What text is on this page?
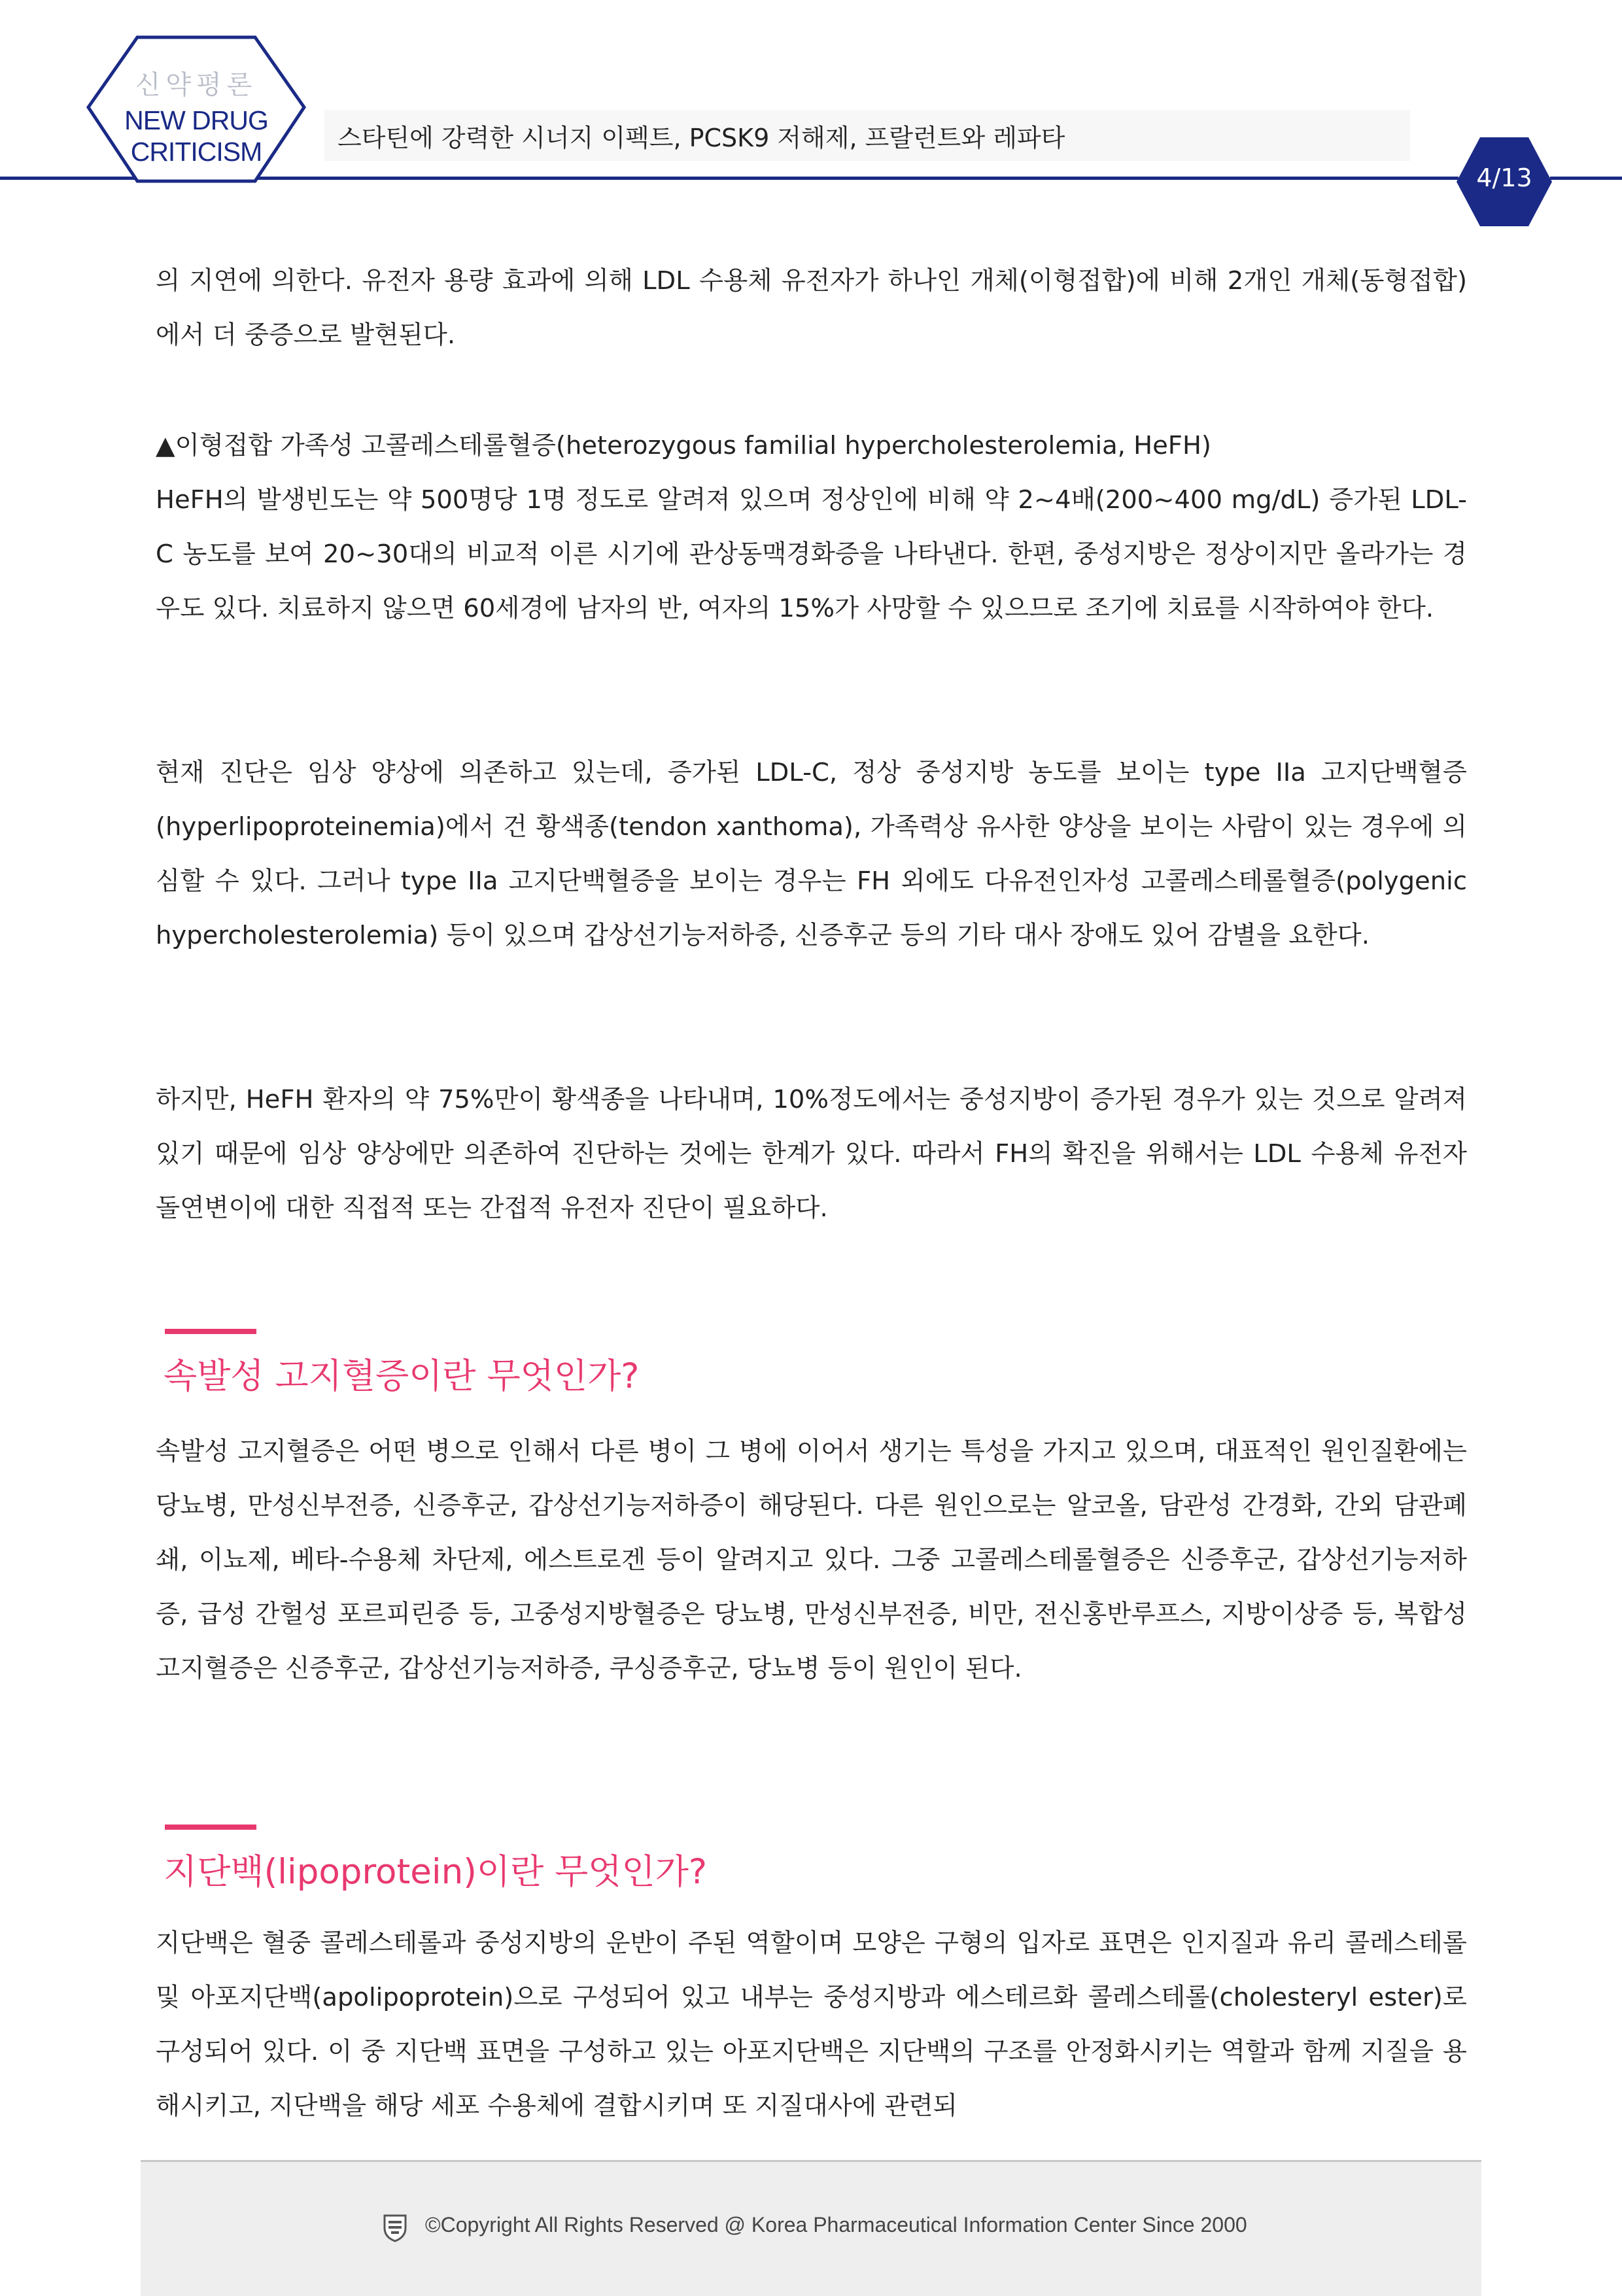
신약평론
NEW DRUG
CRITICISM	스타틴에 강력한 시너지 이펙트, PCSK9 저해제, 프랄런트와 레파타
4/13
의 지연에 의한다. 유전자 용량 효과에 의해 LDL 수용체 유전자가 하나인 개체(이형접합)에 비해 2개인 개체(동형접합)에서 더 중증으로 발현된다.
▲이형접합 가족성 고콜레스테롤혈증(heterozygous familial hypercholesterolemia, HeFH)
HeFH의 발생빈도는 약 500명당 1명 정도로 알려져 있으며 정상인에 비해 약 2~4배(200~400 mg/dL) 증가된 LDL-C 농도를 보여 20~30대의 비교적 이른 시기에 관상동맥경화증을 나타낸다. 한편, 중성지방은 정상이지만 올라가는 경우도 있다. 치료하지 않으면 60세경에 남자의 반, 여자의 15%가 사망할 수 있으므로 조기에 치료를 시작하여야 한다.
현재 진단은 임상 양상에 의존하고 있는데, 증가된 LDL-C, 정상 중성지방 농도를 보이는 type IIa 고지단백혈증(hyperlipoproteinemia)에서 건 황색종(tendon xanthoma), 가족력상 유사한 양상을 보이는 사람이 있는 경우에 의심할 수 있다. 그러나 type IIa 고지단백혈증을 보이는 경우는 FH 외에도 다유전인자성 고콜레스테롤혈증(polygenic hypercholesterolemia) 등이 있으며 갑상선기능저하증, 신증후군 등의 기타 대사 장애도 있어 감별을 요한다.
하지만, HeFH 환자의 약 75%만이 황색종을 나타내며, 10%정도에서는 중성지방이 증가된 경우가 있는 것으로 알려져 있기 때문에 임상 양상에만 의존하여 진단하는 것에는 한계가 있다. 따라서 FH의 확진을 위해서는 LDL 수용체 유전자 돌연변이에 대한 직접적 또는 간접적 유전자 진단이 필요하다.
속발성 고지혈증이란 무엇인가?
속발성 고지혈증은 어떤 병으로 인해서 다른 병이 그 병에 이어서 생기는 특성을 가지고 있으며, 대표적인 원인질환에는 당뇨병, 만성신부전증, 신증후군, 갑상선기능저하증이 해당된다. 다른 원인으로는 알코올, 담관성 간경화, 간외 담관폐쇄, 이뇨제, 베타-수용체 차단제, 에스트로겐 등이 알려지고 있다. 그중 고콜레스테롤혈증은 신증후군, 갑상선기능저하증, 급성 간헐성 포르피린증 등, 고중성지방혈증은 당뇨병, 만성신부전증, 비만, 전신홍반루프스, 지방이상증 등, 복합성 고지혈증은 신증후군, 갑상선기능저하증, 쿠싱증후군, 당뇨병 등이 원인이 된다.
지단백(lipoprotein)이란 무엇인가?
지단백은 혈중 콜레스테롤과 중성지방의 운반이 주된 역할이며 모양은 구형의 입자로 표면은 인지질과 유리 콜레스테롤 및 아포지단백(apolipoprotein)으로 구성되어 있고 내부는 중성지방과 에스테르화 콜레스테롤(cholesteryl ester)로 구성되어 있다. 이 중 지단백 표면을 구성하고 있는 아포지단백은 지단백의 구조를 안정화시키는 역할과 함께 지질을 용해시키고, 지단백을 해당 세포 수용체에 결합시키며 또 지질대사에 관련되
©Copyright All Rights Reserved @ Korea Pharmaceutical Information Center Since 2000
